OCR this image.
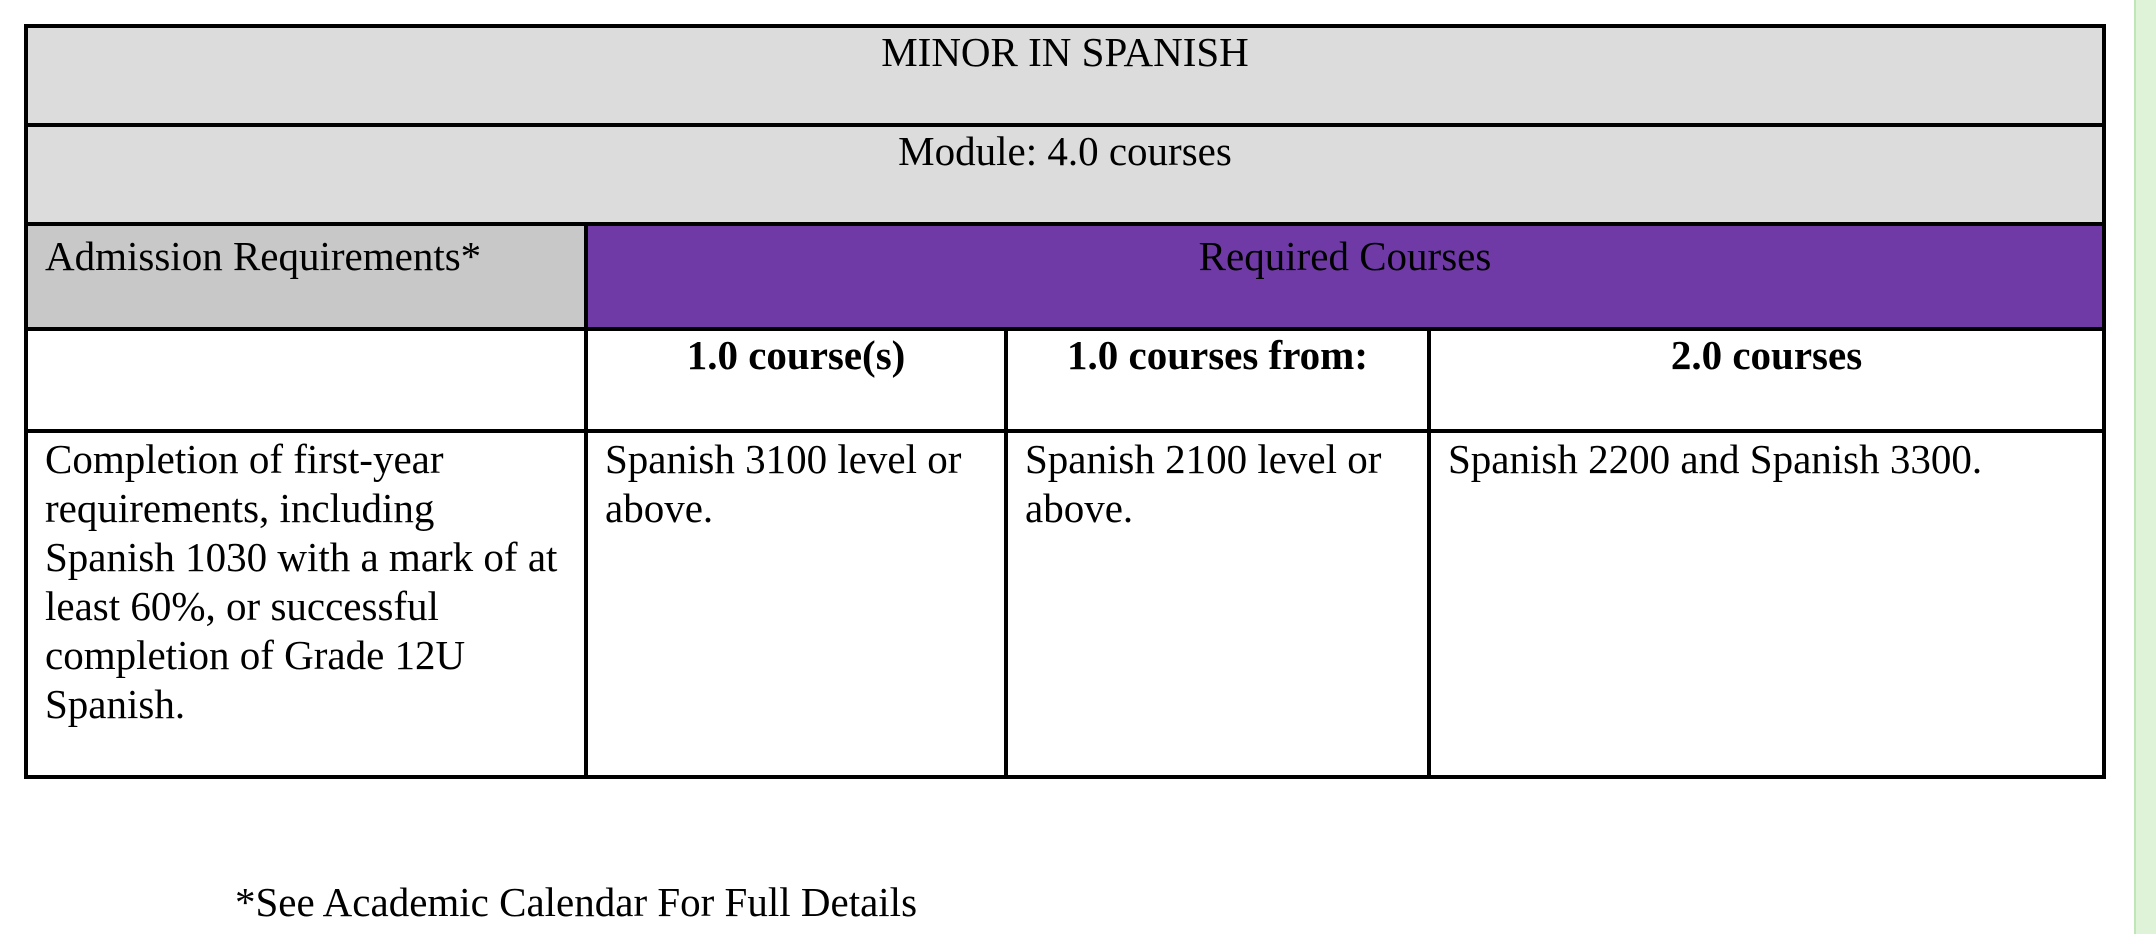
MINOR IN SPANISH			
Module: 4.0 courses			
Admission Requirements*	Required Courses		
	1.0 course(s)	1.0 courses from:	2.0 courses
Completion of first-year requirements, including Spanish 1030 with a mark of at least 60%, or successful completion of Grade 12U Spanish.	Spanish 3100 level or above.	Spanish 2100 level or above.	Spanish 2200 and Spanish 3300.
*See Academic Calendar For Full Details
